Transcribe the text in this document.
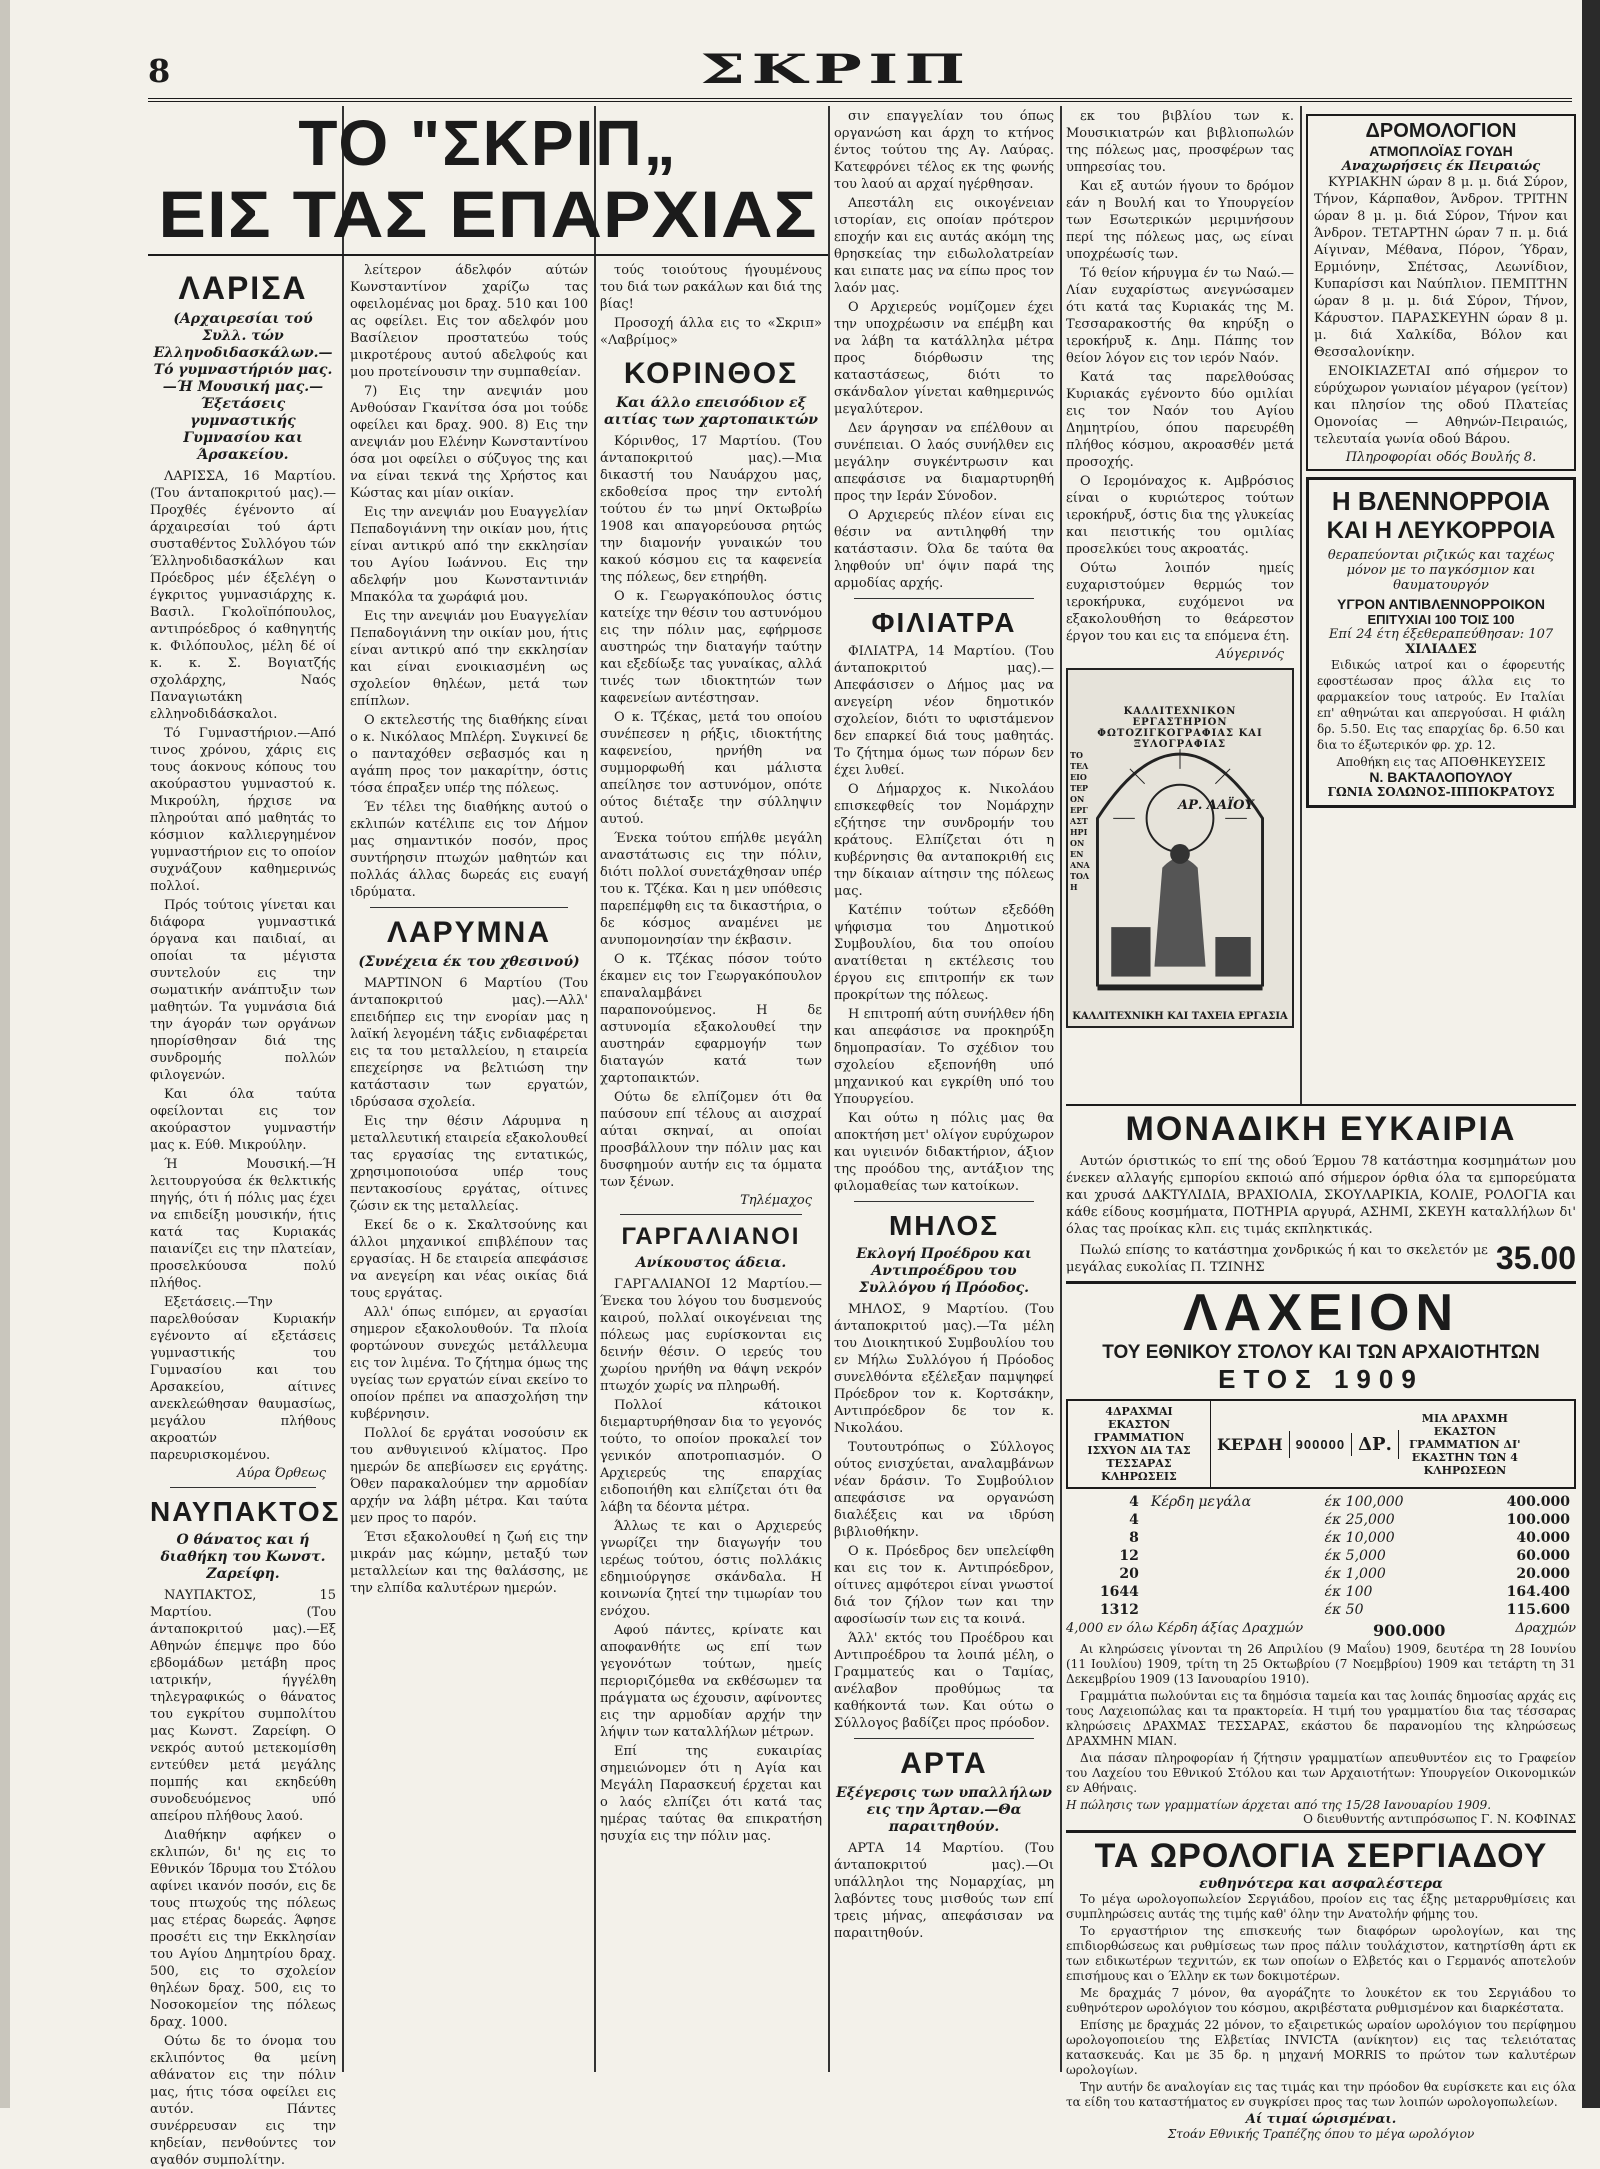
8	ΣΚΡΙΠ
ΤΟ "ΣΚΡΙΠ„
ΕΙΣ ΤΑΣ ΕΠΑΡΧΙΑΣ
ΛΑΡΙΣΑ
(Αρχαιρεσίαι τού Συλλ. τών Ελληνοδιδασκάλων.—Τό γυμναστήριόν μας.—Ή Μουσική μας.—Έξετάσεις γυμναστικής Γυμνασίου και Άρσακείου.

ΛΑΡΙΣΣΑ, 16 Μαρτίου. (Του άνταποκριτού μας).—Προχθές έγένοντο αί άρχαιρεσίαι τού άρτι συσταθέντος Συλλόγου τών Έλληνοδιδασκάλων και Πρόεδρος μέν έξελέγη ο έγκριτος γυμνασιάρχης κ. Βασιλ. Γκολοϊπόπουλος, αντιπρόεδρος ό καθηγητής κ. Φιλόπουλος, μέλη δέ οί κ. κ. Σ. Βογιατζής σχολάρχης, Ναός Παναγιωτάκη ελληνοδιδάσκαλοι.

Τό Γυμναστήριον.—Από τινος χρόνου, χάρις εις τους άοκνους κόπους του ακούραστου γυμναστού κ. Μικρούλη, ήρχισε να πληρούται από μαθητάς το κόσμιον καλλιεργημένον γυμναστήριον εις το οποίον συχνάζουν καθημερινώς πολλοί.

Πρός τούτοις γίνεται και διάφορα γυμναστικά όργανα και παιδιαί, αι οποίαι τα μέγιστα συντελούν εις την σωματικήν ανάπτυξιν των μαθητών. Τα γυμνάσια διά την άγοράν των οργάνων ηπορίσθησαν διά της συνδρομής πολλών φιλογενών.

Και όλα ταύτα οφείλονται εις τον ακούραστον γυμναστήν μας κ. Εύθ. Μικρούλην.

Ή Μουσική.—Ή λειτουργούσα έκ θελκτικής πηγής, ότι ή πόλις μας έχει να επιδείξη μουσικήν, ήτις κατά τας Κυριακάς παιανίζει εις την πλατείαν, προσελκύουσα πολύ πλήθος.

Εξετάσεις.—Την παρελθούσαν Κυριακήν εγένοντο αί εξετάσεις γυμναστικής του Γυμνασίου και του Αρσακείου, αίτινες ανεκλεώθησαν θαυμασίως, μεγάλου πλήθους ακροατών παρευρισκομένου.

Αύρα Όρθεως
ΝΑΥΠΑΚΤΟΣ
Ο θάνατος και ή διαθήκη του Κωνστ. Ζαρείφη.

ΝΑΥΠΑΚΤΟΣ, 15 Μαρτίου. (Του άνταποκριτού μας).—Εξ Αθηνών έπεμψε προ δύο εβδομάδων μετάβη προς ιατρικήν, ήγγέλθη τηλεγραφικώς ο θάνατος του εγκρίτου συμπολίτου μας Κωνστ. Ζαρείφη. Ο νεκρός αυτού μετεκομίσθη εντεύθεν μετά μεγάλης πομπής και εκηδεύθη συνοδευόμενος υπό απείρου πλήθους λαού.

Διαθήκην αφήκεν ο εκλιπών, δι' ης εις το Εθνικόν Ίδρυμα του Στόλου αφίνει ικανόν ποσόν, εις δε τους πτωχούς της πόλεως μας ετέρας δωρεάς. Άφησε προσέτι εις την Εκκλησίαν του Αγίου Δημητρίου δραχ. 500, εις το σχολείον θηλέων δραχ. 500, εις το Νοσοκομείον της πόλεως δραχ. 1000.

Ούτω δε το όνομα του εκλιπόντος θα μείνη αθάνατον εις την πόλιν μας, ήτις τόσα οφείλει εις αυτόν. Πάντες συνέρρευσαν εις την κηδείαν, πενθούντες τον αγαθόν συμπολίτην.

λείτερον άδελφόν αύτών Κωνσταντίνον χαρίζω τας οφειλομένας μοι δραχ. 510 και 100 ας οφείλει. Εις τον αδελφόν μου Βασίλειον προστατεύω τούς μικροτέρους αυτού αδελφούς και μου προτείνουσιν την συμπαθείαν.

7) Εις την ανεψιάν μου Ανθούσαν Γκανίτσα όσα μοι τούδε οφείλει και δραχ. 900. 8) Εις την ανεψιάν μου Ελένην Κωνσταντίνου όσα μοι οφείλει ο σύζυγος της και να είναι τεκνά της Χρήστος και Κώστας και μίαν οικίαν.

Εις την ανεψιάν μου Ευαγγελίαν Πεπαδογιάννη την οικίαν μου, ήτις είναι αντικρύ από την εκκλησίαν του Αγίου Ιωάννου. Εις την αδελφήν μου Κωνσταντινιάν Μπακόλα τα χωράφιά μου.

Εις την ανεψιάν μου Ευαγγελίαν Πεπαδογιάννη την οικίαν μου, ήτις είναι αντικρύ από την εκκλησίαν και είναι ενοικιασμένη ως σχολείον θηλέων, μετά των επίπλων.

Ο εκτελεστής της διαθήκης είναι ο κ. Νικόλαος Μπλέρη. Συγκινεί δε ο πανταχόθεν σεβασμός και η αγάπη προς τον μακαρίτην, όστις τόσα έπραξεν υπέρ της πόλεως.

Έν τέλει της διαθήκης αυτού ο εκλιπών κατέλιπε εις τον Δήμον μας σημαντικόν ποσόν, προς συντήρησιν πτωχών μαθητών και πολλάς άλλας δωρεάς εις ευαγή ιδρύματα.

ΛΑΡΥΜΝΑ
(Συνέχεια έκ του χθεσινού)

ΜΑΡΤΙΝΟΝ 6 Μαρτίου (Του άνταποκριτού μας).—Αλλ' επειδήπερ εις την ενορίαν μας η λαϊκή λεγομένη τάξις ενδιαφέρεται εις τα του μεταλλείου, η εταιρεία επεχείρησε να βελτιώση την κατάστασιν των εργατών, ιδρύσασα σχολεία.

Εις την θέσιν Λάρυμνα η μεταλλευτική εταιρεία εξακολουθεί τας εργασίας της εντατικώς, χρησιμοποιούσα υπέρ τους πεντακοσίους εργάτας, οίτινες ζώσιν εκ της μεταλλείας.

Εκεί δε ο κ. Σκαλτσούνης και άλλοι μηχανικοί επιβλέπουν τας εργασίας. Η δε εταιρεία απεφάσισε να ανεγείρη και νέας οικίας διά τους εργάτας.

Αλλ' όπως ειπόμεν, αι εργασίαι σημερον εξακολουθούν. Τα πλοία φορτώνουν συνεχώς μετάλλευμα εις τον λιμένα. Το ζήτημα όμως της υγείας των εργατών είναι εκείνο το οποίον πρέπει να απασχολήση την κυβέρνησιν.

Πολλοί δε εργάται νοσούσιν εκ του ανθυγιεινού κλίματος. Προ ημερών δε απεβίωσεν εις εργάτης. Όθεν παρακαλούμεν την αρμοδίαν αρχήν να λάβη μέτρα. Και ταύτα μεν προς το παρόν.

Έτσι εξακολουθεί η ζωή εις την μικράν μας κώμην, μεταξύ των μεταλλείων και της θαλάσσης, με την ελπίδα καλυτέρων ημερών.

τούς τοιούτους ήγουμένους του διά των ρακάλων και διά της βίας!

Προσοχή άλλα εις το «Σκριπ» «Λαβρίμος»

ΚΟΡΙΝΘΟΣ
Και άλλο επεισόδιον εξ αιτίας των χαρτοπαικτών

Κόρινθος, 17 Μαρτίου. (Του άνταποκριτού μας).—Μια δικαστή του Ναυάρχου μας, εκδοθείσα προς την εντολή τούτου έν τω μηνί Οκτωβρίω 1908 και απαγορεύουσα ρητώς την διαμονήν γυναικών του κακού κόσμου εις τα καφενεία της πόλεως, δεν ετηρήθη.

Ο κ. Γεωργακόπουλος όστις κατείχε την θέσιν του αστυνόμου εις την πόλιν μας, εφήρμοσε αυστηρώς την διαταγήν ταύτην και εξεδίωξε τας γυναίκας, αλλά τινές των ιδιοκτητών των καφενείων αντέστησαν.

Ο κ. Τζέκας, μετά του οποίου συνέπεσεν η ρήξις, ιδιοκτήτης καφενείου, ηρνήθη να συμμορφωθή και μάλιστα απείλησε τον αστυνόμον, οπότε ούτος διέταξε την σύλληψιν αυτού.

Ένεκα τούτου επήλθε μεγάλη αναστάτωσις εις την πόλιν, διότι πολλοί συνετάχθησαν υπέρ του κ. Τζέκα. Και η μεν υπόθεσις παρεπέμφθη εις τα δικαστήρια, ο δε κόσμος αναμένει με ανυπομονησίαν την έκβασιν.

Ο κ. Τζέκας πόσον τούτο έκαμεν εις τον Γεωργακόπουλον επαναλαμβάνει παραπονούμενος. Η δε αστυνομία εξακολουθεί την αυστηράν εφαρμογήν των διαταγών κατά των χαρτοπαικτών.

Ούτω δε ελπίζομεν ότι θα παύσουν επί τέλους αι αισχραί αύται σκηναί, αι οποίαι προσβάλλουν την πόλιν μας και δυσφημούν αυτήν εις τα όμματα των ξένων.

Τηλέμαχος
ΓΑΡΓΑΛΙΑΝΟΙ
Ανίκουστος άδεια.

ΓΑΡΓΑΛΙΑΝΟΙ 12 Μαρτίου.—Ένεκα του λόγου του δυσμενούς καιρού, πολλαί οικογένειαι της πόλεως μας ευρίσκονται εις δεινήν θέσιν. Ο ιερεύς του χωρίου ηρνήθη να θάψη νεκρόν πτωχόν χωρίς να πληρωθή.

Πολλοί κάτοικοι διεμαρτυρήθησαν δια το γεγονός τούτο, το οποίον προκαλεί τον γενικόν αποτροπιασμόν. Ο Αρχιερεύς της επαρχίας ειδοποιήθη και ελπίζεται ότι θα λάβη τα δέοντα μέτρα.

Άλλως τε και ο Αρχιερεύς γνωρίζει την διαγωγήν του ιερέως τούτου, όστις πολλάκις εδημιούργησε σκάνδαλα. Η κοινωνία ζητεί την τιμωρίαν του ενόχου.

Αφού πάντες, κρίνατε και αποφανθήτε ως επί των γεγονότων τούτων, ημείς περιοριζόμεθα να εκθέσωμεν τα πράγματα ως έχουσιν, αφίνοντες εις την αρμοδίαν αρχήν την λήψιν των καταλλήλων μέτρων.

Επί της ευκαιρίας σημειώνομεν ότι η Αγία και Μεγάλη Παρασκευή έρχεται και ο λαός ελπίζει ότι κατά τας ημέρας ταύτας θα επικρατήση ησυχία εις την πόλιν μας.

σιν επαγγελίαν του όπως οργανώση και άρχη το κτήνος έντος τούτου της Αγ. Λαύρας. Κατεφρόνει τέλος εκ της φωνής του λαού αι αρχαί ηγέρθησαν.

Απεστάλη εις οικογένειαν ιστορίαν, εις οποίαν πρότερον εποχήν και εις αυτάς ακόμη της θρησκείας την ειδωλολατρείαν και ειπατε μας να είπω προς τον λαόν μας.

Ο Αρχιερεύς νομίζομεν έχει την υποχρέωσιν να επέμβη και να λάβη τα κατάλληλα μέτρα προς διόρθωσιν της καταστάσεως, διότι το σκάνδαλον γίνεται καθημερινώς μεγαλύτερον.

Δεν άργησαν να επέλθουν αι συνέπειαι. Ο λαός συνήλθεν εις μεγάλην συγκέντρωσιν και απεφάσισε να διαμαρτυρηθή προς την Ιεράν Σύνοδον.

Ο Αρχιερεύς πλέον είναι εις θέσιν να αντιληφθή την κατάστασιν. Όλα δε ταύτα θα ληφθούν υπ' όψιν παρά της αρμοδίας αρχής.

ΦΙΛΙΑΤΡΑ

ΦΙΛΙΑΤΡΑ, 14 Μαρτίου. (Του άνταποκριτού μας).—Απεφάσισεν ο Δήμος μας να ανεγείρη νέον δημοτικόν σχολείον, διότι το υφιστάμενον δεν επαρκεί διά τους μαθητάς. Το ζήτημα όμως των πόρων δεν έχει λυθεί.

Ο Δήμαρχος κ. Νικολάου επισκεφθείς τον Νομάρχην εζήτησε την συνδρομήν του κράτους. Ελπίζεται ότι η κυβέρνησις θα ανταποκριθή εις την δίκαιαν αίτησιν της πόλεως μας.

Κατέπιν τούτων εξεδόθη ψήφισμα του Δημοτικού Συμβουλίου, δια του οποίου ανατίθεται η εκτέλεσις του έργου εις επιτροπήν εκ των προκρίτων της πόλεως.

Η επιτροπή αύτη συνήλθεν ήδη και απεφάσισε να προκηρύξη δημοπρασίαν. Το σχέδιον του σχολείου εξεπονήθη υπό μηχανικού και εγκρίθη υπό του Υπουργείου.

Και ούτω η πόλις μας θα αποκτήση μετ' ολίγον ευρύχωρον και υγιεινόν διδακτήριον, άξιον της προόδου της, αντάξιον της φιλομαθείας των κατοίκων.

ΜΗΛΟΣ
Εκλογή Προέδρου και Αντιπροέδρου του Συλλόγου ή Πρόοδος.

ΜΗΛΟΣ, 9 Μαρτίου. (Του άνταποκριτού μας).—Τα μέλη του Διοικητικού Συμβουλίου του εν Μήλω Συλλόγου ή Πρόοδος συνελθόντα εξέλεξαν παμψηφεί Πρόεδρον τον κ. Κορτσάκην, Αντιπρόεδρον δε τον κ. Νικολάου.

Τουτουτρόπως ο Σύλλογος ούτος ενισχύεται, αναλαμβάνων νέαν δράσιν. Το Συμβούλιον απεφάσισε να οργανώση διαλέξεις και να ιδρύση βιβλιοθήκην.

Ο κ. Πρόεδρος δεν υπελείφθη και εις τον κ. Αντιπρόεδρον, οίτινες αμφότεροι είναι γνωστοί διά τον ζήλον των και την αφοσίωσίν των εις τα κοινά.

Άλλ' εκτός του Προέδρου και Αντιπροέδρου τα λοιπά μέλη, ο Γραμματεύς και ο Ταμίας, ανέλαβον προθύμως τα καθήκοντά των. Και ούτω ο Σύλλογος βαδίζει προς πρόοδον.

ΑΡΤΑ
Εξέγερσις των υπαλλήλων εις την Άρταν.—Θα παραιτηθούν.

ΑΡΤΑ 14 Μαρτίου. (Του άνταποκριτού μας).—Οι υπάλληλοι της Νομαρχίας, μη λαβόντες τους μισθούς των επί τρεις μήνας, απεφάσισαν να παραιτηθούν.

εκ του βιβλίου των κ. Μουσικιατρών και βιβλιοπωλών της πόλεως μας, προσφέρων τας υπηρεσίας του.

Και εξ αυτών ήγουν το δρόμον εάν η Βουλή και το Υπουργείον των Εσωτερικών μεριμνήσουν περί της πόλεως μας, ως είναι υποχρέωσίς των.

Τό θείον κήρυγμα έν τω Ναώ.—Λίαν ευχαρίστως ανεγνώσαμεν ότι κατά τας Κυριακάς της Μ. Τεσσαρακοστής θα κηρύξη ο ιεροκήρυξ κ. Δημ. Πάπης τον θείον λόγον εις τον ιερόν Ναόν.

Κατά τας παρελθούσας Κυριακάς εγένοντο δύο ομιλίαι εις τον Ναόν του Αγίου Δημητρίου, όπου παρευρέθη πλήθος κόσμου, ακροασθέν μετά προσοχής.

Ο Ιερομόναχος κ. Αμβρόσιος είναι ο κυριώτερος τούτων ιεροκήρυξ, όστις δια της γλυκείας και πειστικής του ομιλίας προσελκύει τους ακροατάς.

Ούτω λοιπόν ημείς ευχαριστούμεν θερμώς τον ιεροκήρυκα, ευχόμενοι να εξακολουθήση το θεάρεστον έργον του και εις τα επόμενα έτη.

Αύγερινός
ΚΑΛΛΙΤΕΧΝΙΚΟΝ ΕΡΓΑΣΤΗΡΙΟΝ ΦΩΤΟΖΙΓΚΟΓΡΑΦΙΑΣ ΚΑΙ ΞΥΛΟΓΡΑΦΙΑΣ
ΤΟ ΤΕΛΕΙΟΤΕΡΟΝ ΕΡΓΑΣΤΗΡΙΟΝ ΕΝ ΑΝΑΤΟΛΗ
ΑΡ. ΛΑΪΟΥ
ΚΑΛΛΙΤΕΧΝΙΚΗ ΚΑΙ ΤΑΧΕΙΑ ΕΡΓΑΣΙΑ
ΔΡΟΜΟΛΟΓΙΟΝ
ΑΤΜΟΠΛΟΪΑΣ ΓΟΥΔΗ
Αναχωρήσεις έκ Πειραιώς

ΚΥΡΙΑΚΗΝ ώραν 8 μ. μ. διά Σύρον, Τήνον, Κάρπαθον, Άνδρον. ΤΡΙΤΗΝ ώραν 8 μ. μ. διά Σύρον, Τήνον και Άνδρον. ΤΕΤΑΡΤΗΝ ώραν 7 π. μ. διά Αίγιναν, Μέθανα, Πόρον, Ύδραν, Ερμιόνην, Σπέτσας, Λεωνίδιον, Κυπαρίσσι και Ναύπλιον. ΠΕΜΠΤΗΝ ώραν 8 μ. μ. διά Σύρον, Τήνον, Κάρυστον. ΠΑΡΑΣΚΕΥΗΝ ώραν 8 μ. μ. διά Χαλκίδα, Βόλον και Θεσσαλονίκην.

ΕΝΟΙΚΙΑΖΕΤΑΙ από σήμερον το εύρύχωρον γωνιαίον μέγαρον (γείτον) και πλησίον της οδού Πλατείας Ομονοίας — Αθηνών-Πειραιώς, τελευταία γωνία οδού Βάρου.

Πληροφορίαι οδός Βουλής 8.
Η ΒΛΕΝΝΟΡΡΟΙΑ
ΚΑΙ Η ΛΕΥΚΟΡΡΟΙΑ
θεραπεύονται ριζικώς και ταχέως μόνον με το παγκόσμιον και θαυματουργόν
ΥΓΡΟΝ ΑΝΤΙΒΛΕΝΝΟΡΡΟΙΚΟΝ
ΕΠΙΤΥΧΙΑΙ 100 ΤΟΙΣ 100
Επί 24 έτη έξεθεραπεύθησαν: 107
ΧΙΛΙΑΔΕΣ

Ειδικώς ιατροί και ο έφορευτής εφοστέωσαν προς άλλα εις το φαρμακείον τους ιατρούς. Εν Ιταλίαι επ' αθηνώται και απεργούσαι. Η φιάλη δρ. 5.50. Εις τας επαρχίας δρ. 6.50 και δια το έξωτερικόν φρ. χρ. 12.

Αποθήκη εις τας ΑΠΟΘΗΚΕΥΣΕΙΣ
Ν. ΒΑΚΤΑΛΟΠΟΥΛΟΥ
ΓΩΝΙΑ ΣΟΛΩΝΟΣ-ΙΠΠΟΚΡΑΤΟΥΣ
ΜΟΝΑΔΙΚΗ ΕΥΚΑΙΡΙΑ

Αυτών όριστικώς το επί της οδού Έρμου 78 κατάστημα κοσμημάτων μου ένεκεν αλλαγής εμπορίου εκποιώ από σήμερον όρθια όλα τα εμπορεύματα και χρυσά ΔΑΚΤΥΛΙΔΙΑ, ΒΡΑΧΙΟΛΙΑ, ΣΚΟΥΛΑΡΙΚΙΑ, ΚΟΛΙΕ, ΡΟΛΟΓΙΑ και κάθε είδους κοσμήματα, ΠΟΤΗΡΙΑ αργυρά, ΑΣΗΜΙ, ΣΚΕΥΗ καταλλήλων δι' όλας τας προίκας κλπ. εις τιμάς εκπληκτικάς.

Πωλώ επίσης το κατάστημα χονδρικώς ή και το σκελετόν με μεγάλας ευκολίας Π. ΤΖΙΝΗΣ	35.00
ΛΑΧΕΙΟΝ
ΤΟΥ ΕΘΝΙΚΟΥ ΣΤΟΛΟΥ ΚΑΙ ΤΩΝ ΑΡΧΑΙΟΤΗΤΩΝ
ΕΤΟΣ 1909
4ΔΡΑΧΜΑΙ ΕΚΑΣΤΟΝ ΓΡΑΜΜΑΤΙΟΝ ΙΣΧΥΟΝ ΔΙΑ ΤΑΣ ΤΕΣΣΑΡΑΣ ΚΛΗΡΩΣΕΙΣ
ΚΕΡΔΗ	900000 ΔΡ.
ΜΙΑ ΔΡΑΧΜΗ ΕΚΑΣΤΟΝ ΓΡΑΜΜΑΤΙΟΝ ΔΙ' ΕΚΑΣΤΗΝ ΤΩΝ 4 ΚΛΗΡΩΣΕΩΝ
4	Κέρδη μεγάλα	έκ 100,000	400.000
4		έκ 25,000	100.000
8		έκ 10,000	40.000
12		έκ 5,000	60.000
20		έκ 1,000	20.000
1644		έκ 100	164.400
1312		έκ 50	115.600
4,000 εν όλω Κέρδη άξίας Δραχμών	900.000	Δραχμών

Αι κληρώσεις γίνονται τη 26 Απριλίου (9 Μαΐου) 1909, δευτέρα τη 28 Ιουνίου (11 Ιουλίου) 1909, τρίτη τη 25 Οκτωβρίου (7 Νοεμβρίου) 1909 και τετάρτη τη 31 Δεκεμβρίου 1909 (13 Ιανουαρίου 1910).

Γραμμάτια πωλούνται εις τα δημόσια ταμεία και τας λοιπάς δημοσίας αρχάς εις τους Λαχειοπώλας και τα πρακτορεία. Η τιμή του γραμματίου δια τας τέσσαρας κληρώσεις ΔΡΑΧΜΑΣ ΤΕΣΣΑΡΑΣ, εκάστου δε παρανομίου της κληρώσεως ΔΡΑΧΜΗΝ ΜΙΑΝ.

Δια πάσαν πληροφορίαν ή ζήτησιν γραμματίων απευθυντέον εις το Γραφείον του Λαχείου του Εθνικού Στόλου και των Αρχαιοτήτων: Υπουργείον Οικονομικών εν Αθήναις.

Η πώλησις των γραμματίων άρχεται από της 15/28 Ιανουαρίου 1909.
Ο διευθυντής αντιπρόσωπος Γ. Ν. ΚΟΦΙΝΑΣ
ΤΑ ΩΡΟΛΟΓΙΑ ΣΕΡΓΙΑΔΟΥ
ευθηνότερα και ασφαλέστερα

Το μέγα ωρολογοπωλείον Σεργιάδου, προίον εις τας έξης μεταρρυθμίσεις και συμπληρώσεις αυτάς της τιμής καθ' όλην την Ανατολήν φήμης του.

Το εργαστήριον της επισκευής των διαφόρων ωρολογίων, και της επιδιορθώσεως και ρυθμίσεως των προς πάλιν τουλάχιστον, κατηρτίσθη άρτι εκ των ειδικωτέρων τεχνιτών, εκ των οποίων ο Ελβετός και ο Γερμανός αποτελούν επισήμους και ο Έλλην εκ των δοκιμοτέρων.

Με δραχμάς 7 μόνον, θα αγοράζητε το λουκέτον εκ του Σεργιάδου το ευθηνότερον ωρολόγιον του κόσμου, ακριβέστατα ρυθμισμένον και διαρκέστατα.

Επίσης με δραχμάς 22 μόνον, το εξαιρετικώς ωραίον ωρολόγιον του περίφημου ωρολογοποιείου της Ελβετίας INVICTA (ανίκητον) εις τας τελειότατας κατασκευάς. Και με 35 δρ. η μηχανή MORRIS το πρώτον των καλυτέρων ωρολογίων.

Την αυτήν δε αναλογίαν εις τας τιμάς και την πρόοδον θα ευρίσκετε και εις όλα τα είδη του καταστήματος εν συγκρίσει προς τας των λοιπών ωρολογοπωλείων.

Αί τιμαί ώρισμέναι.
Στοάν Εθνικής Τραπέζης όπου το μέγα ωρολόγιον
